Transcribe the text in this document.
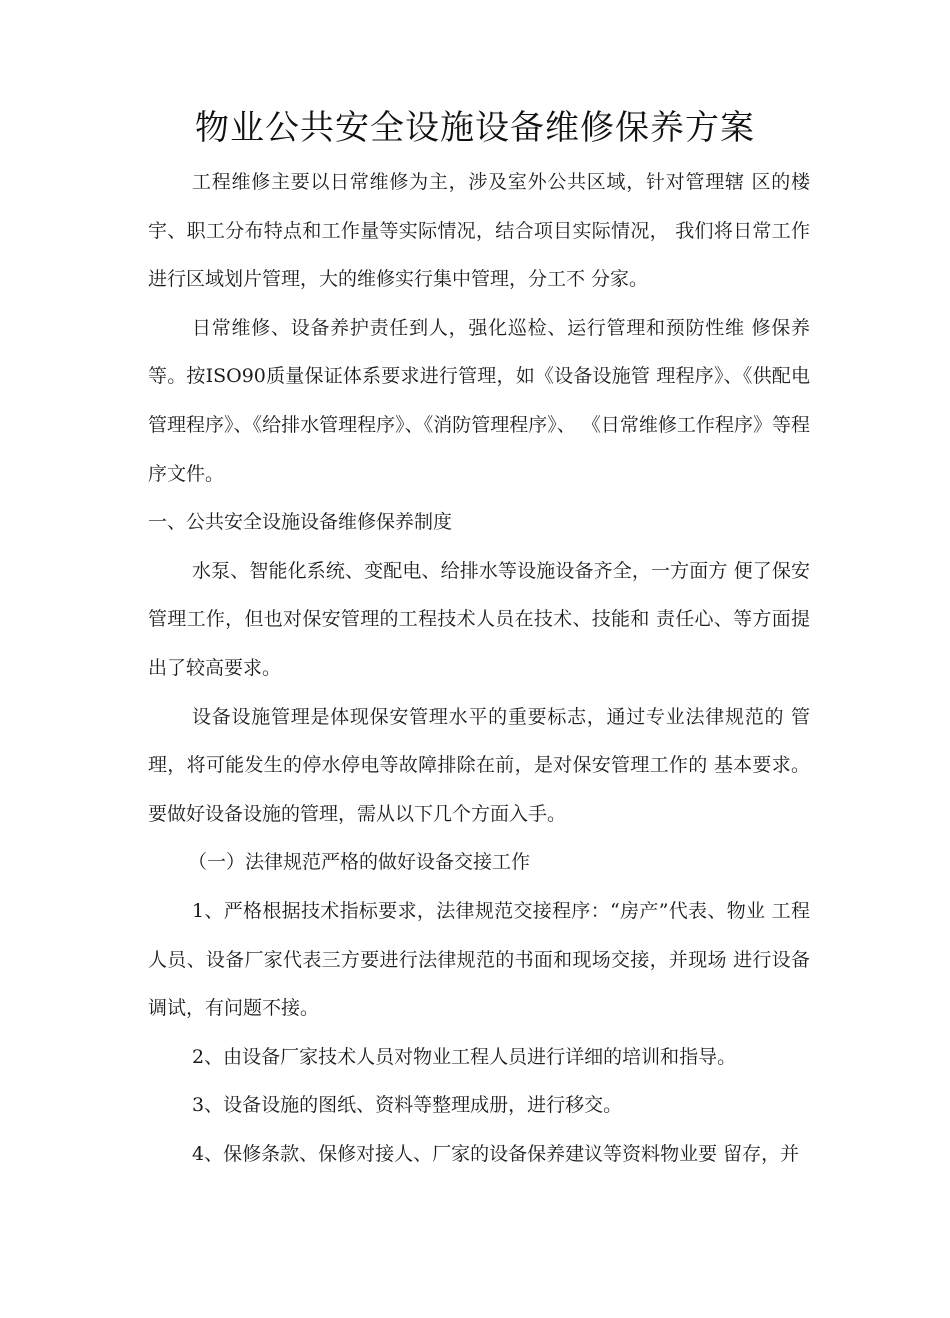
物业公共安全设施设备维修保养方案

工程维修主要以日常维修为主，涉及室外公共区域，针对管理辖 区的楼宇、职工分布特点和工作量等实际情况，结合项目实际情况， 我们将日常工作进行区域划片管理，大的维修实行集中管理，分工不 分家。

日常维修、设备养护责任到人，强化巡检、运行管理和预防性维 修保养等。按ISO90质量保证体系要求进行管理，如《设备设施管 理程序》、《供配电管理程序》、《给排水管理程序》、《消防管理程序》、 《日常维修工作程序》等程序文件。

一、公共安全设施设备维修保养制度

水泵、智能化系统、变配电、给排水等设施设备齐全，一方面方 便了保安管理工作，但也对保安管理的工程技术人员在技术、技能和 责任心、等方面提出了较高要求。

设备设施管理是体现保安管理水平的重要标志，通过专业法律规范的 管理，将可能发生的停水停电等故障排除在前，是对保安管理工作的 基本要求。要做好设备设施的管理，需从以下几个方面入手。

（一）法律规范严格的做好设备交接工作

1、严格根据技术指标要求，法律规范交接程序：“房产”代表、物业 工程人员、设备厂家代表三方要进行法律规范的书面和现场交接，并现场 进行设备调试，有问题不接。

2、由设备厂家技术人员对物业工程人员进行详细的培训和指导。

3、设备设施的图纸、资料等整理成册，进行移交。

4、保修条款、保修对接人、厂家的设备保养建议等资料物业要 留存，并
